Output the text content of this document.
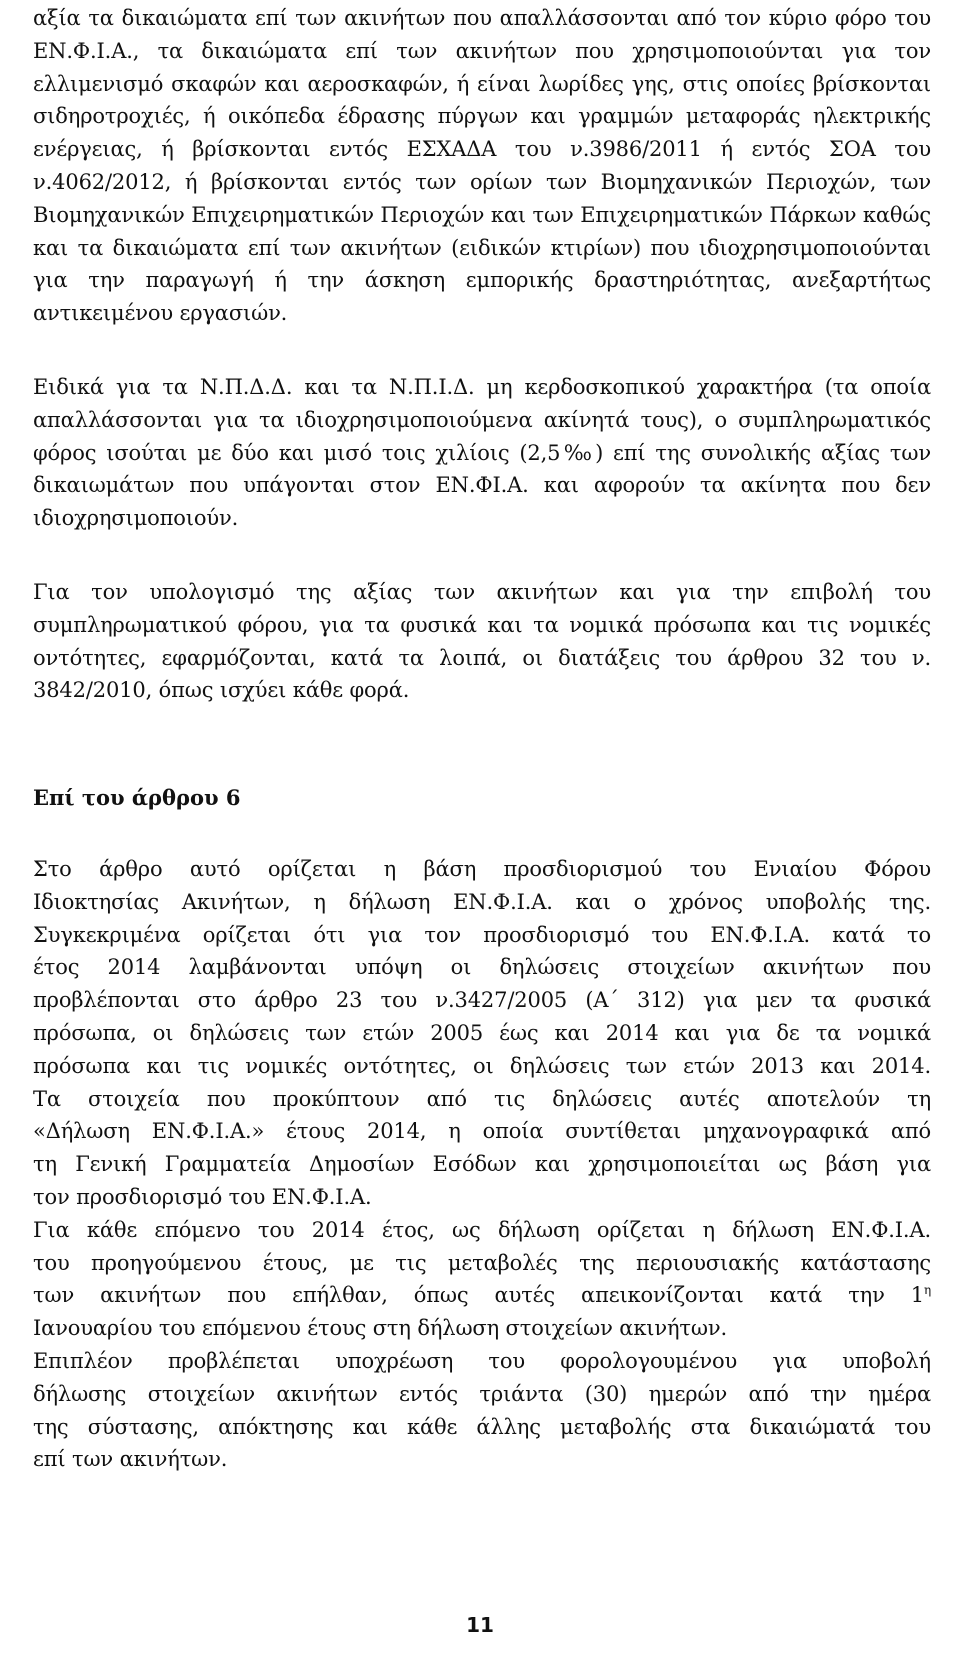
αξία τα δικαιώματα επί των ακινήτων που απαλλάσσονται από τον κύριο φόρο του ΕΝ.Φ.Ι.Α., τα δικαιώματα επί των ακινήτων που χρησιμοποιούνται για τον ελλιμενισμό σκαφών και αεροσκαφών, ή είναι λωρίδες γης, στις οποίες βρίσκονται σιδηροτροχιές, ή οικόπεδα έδρασης πύργων και γραμμών μεταφοράς ηλεκτρικής ενέργειας, ή βρίσκονται εντός ΕΣΧΑΔΑ του ν.3986/2011 ή εντός ΣΟΑ του ν.4062/2012, ή βρίσκονται εντός των ορίων των Βιομηχανικών Περιοχών, των Βιομηχανικών Επιχειρηματικών Περιοχών και των Επιχειρηματικών Πάρκων καθώς και τα δικαιώματα επί των ακινήτων (ειδικών κτιρίων) που ιδιοχρησιμοποιούνται για την παραγωγή ή την άσκηση εμπορικής δραστηριότητας, ανεξαρτήτως αντικειμένου εργασιών.

Ειδικά για τα Ν.Π.Δ.Δ. και τα Ν.Π.Ι.Δ. μη κερδοσκοπικού χαρακτήρα (τα οποία απαλλάσσονται για τα ιδιοχρησιμοποιούμενα ακίνητά τους), ο συμπληρωματικός φόρος ισούται με δύο και μισό τοις χιλίοις (2,5‰) επί της συνολικής αξίας των δικαιωμάτων που υπάγονται στον ΕΝ.ΦΙ.Α. και αφορούν τα ακίνητα που δεν ιδιοχρησιμοποιούν.

Για τον υπολογισμό της αξίας των ακινήτων και για την επιβολή του συμπληρωματικού φόρου, για τα φυσικά και τα νομικά πρόσωπα και τις νομικές οντότητες, εφαρμόζονται, κατά τα λοιπά, οι διατάξεις του άρθρου 32 του ν. 3842/2010, όπως ισχύει κάθε φορά.

Επί του άρθρου 6

Στο άρθρο αυτό ορίζεται η βάση προσδιορισμού του Ενιαίου Φόρου
Ιδιοκτησίας Ακινήτων, η δήλωση ΕΝ.Φ.Ι.Α. και ο χρόνος υποβολής της.
Συγκεκριμένα ορίζεται ότι για τον προσδιορισμό του ΕΝ.Φ.Ι.Α. κατά το
έτος 2014 λαμβάνονται υπόψη οι δηλώσεις στοιχείων ακινήτων που
προβλέπονται στο άρθρο 23 του ν.3427/2005 (Α΄ 312) για μεν τα φυσικά
πρόσωπα, οι δηλώσεις των ετών 2005 έως και 2014 και για δε τα νομικά
πρόσωπα και τις νομικές οντότητες, οι δηλώσεις των ετών 2013 και 2014.
Τα στοιχεία που προκύπτουν από τις δηλώσεις αυτές αποτελούν τη
«Δήλωση ΕΝ.Φ.Ι.Α.» έτους 2014, η οποία συντίθεται μηχανογραφικά από
τη Γενική Γραμματεία Δημοσίων Εσόδων και χρησιμοποιείται ως βάση για
τον προσδιορισμό του ΕΝ.Φ.Ι.Α.
Για κάθε επόμενο του 2014 έτος, ως δήλωση ορίζεται η δήλωση ΕΝ.Φ.Ι.Α.
του προηγούμενου έτους, με τις μεταβολές της περιουσιακής κατάστασης
των ακινήτων που επήλθαν, όπως αυτές απεικονίζονται κατά την $1^\eta$
Ιανουαρίου του επόμενου έτους στη δήλωση στοιχείων ακινήτων.
Επιπλέον προβλέπεται υποχρέωση του φορολογουμένου για υποβολή
δήλωσης στοιχείων ακινήτων εντός τριάντα (30) ημερών από την ημέρα
της σύστασης, απόκτησης και κάθε άλλης μεταβολής στα δικαιώματά του
επί των ακινήτων.

11
